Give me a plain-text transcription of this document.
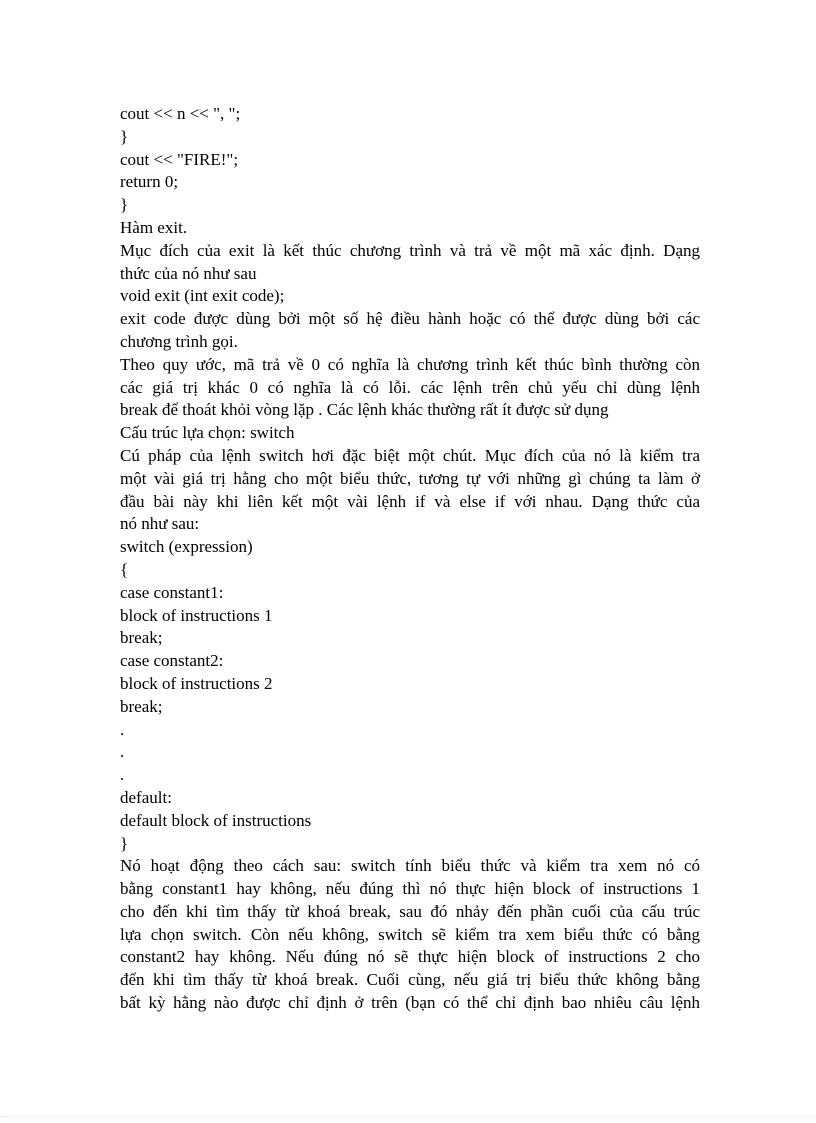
cout << n << ", ";
}
cout << "FIRE!";
return 0;
}
Hàm exit.
Mục đích của exit là kết thúc chương trình và trả về một mã xác định. Dạng
thức của nó như sau
void exit (int exit code);
exit code được dùng bởi một số hệ điều hành hoặc có thể được dùng bởi các
chương trình gọi.
Theo quy ước, mã trả về 0 có nghĩa là chương trình kết thúc bình thường còn
các giá trị khác 0 có nghĩa là có lỗi. các lệnh trên chủ yếu chỉ dùng lệnh
break để thoát khỏi vòng lặp . Các lệnh khác thường rất ít được sử dụng
Cấu trúc lựa chọn: switch
Cú pháp của lệnh switch hơi đặc biệt một chút. Mục đích của nó là kiểm tra
một vài giá trị hằng cho một biểu thức, tương tự với những gì chúng ta làm ở
đầu bài này khi liên kết một vài lệnh if và else if với nhau. Dạng thức của
nó như sau:
switch (expression)
{
case constant1:
block of instructions 1
break;
case constant2:
block of instructions 2
break;
.
.
.
default:
default block of instructions
}
Nó hoạt động theo cách sau: switch tính biểu thức và kiểm tra xem nó có
bằng constant1 hay không, nếu đúng thì nó thực hiện block of instructions 1
cho đến khi tìm thấy từ khoá break, sau đó nhảy đến phần cuối của cấu trúc
lựa chọn switch. Còn nếu không, switch sẽ kiểm tra xem biểu thức có bằng
constant2 hay không. Nếu đúng nó sẽ thực hiện block of instructions 2 cho
đến khi tìm thấy từ khoá break. Cuối cùng, nếu giá trị biểu thức không bằng
bất kỳ hằng nào được chỉ định ở trên (bạn có thể chỉ định bao nhiêu câu lệnh
